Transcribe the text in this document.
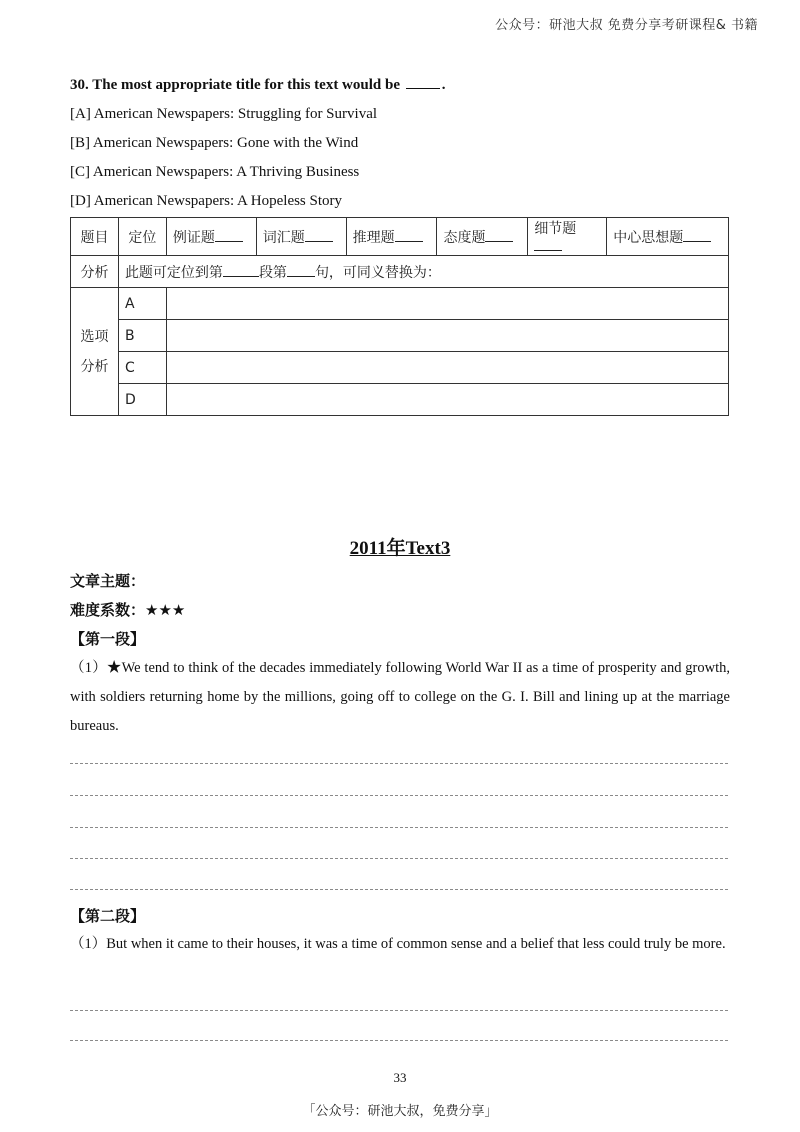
公众号：研池大叔 免费分享考研课程& 书籍
30. The most appropriate title for this text would be	.
[A] American Newspapers: Struggling for Survival
[B] American Newspapers: Gone with the Wind
[C] American Newspapers: A Thriving Business
[D] American Newspapers: A Hopeless Story
题目	定位	例证题	词汇题	推理题	态度题	细节题	中心思想题
分析	此题可定位到第 段第 句，可同义替换为：						

选项
分析	A						
	B						
	C						
	D						
2011年Text3
文章主题：
难度系数：★★★
【第一段】
（1）★We tend to think of the decades immediately following World War II as a time of prosperity and growth, with soldiers returning home by the millions, going off to college on the G. I. Bill and lining up at the marriage bureaus.
【第二段】
（1）But when it came to their houses, it was a time of common sense and a belief that less could truly be more.
33
「公众号：研池大叔，免费分享」
